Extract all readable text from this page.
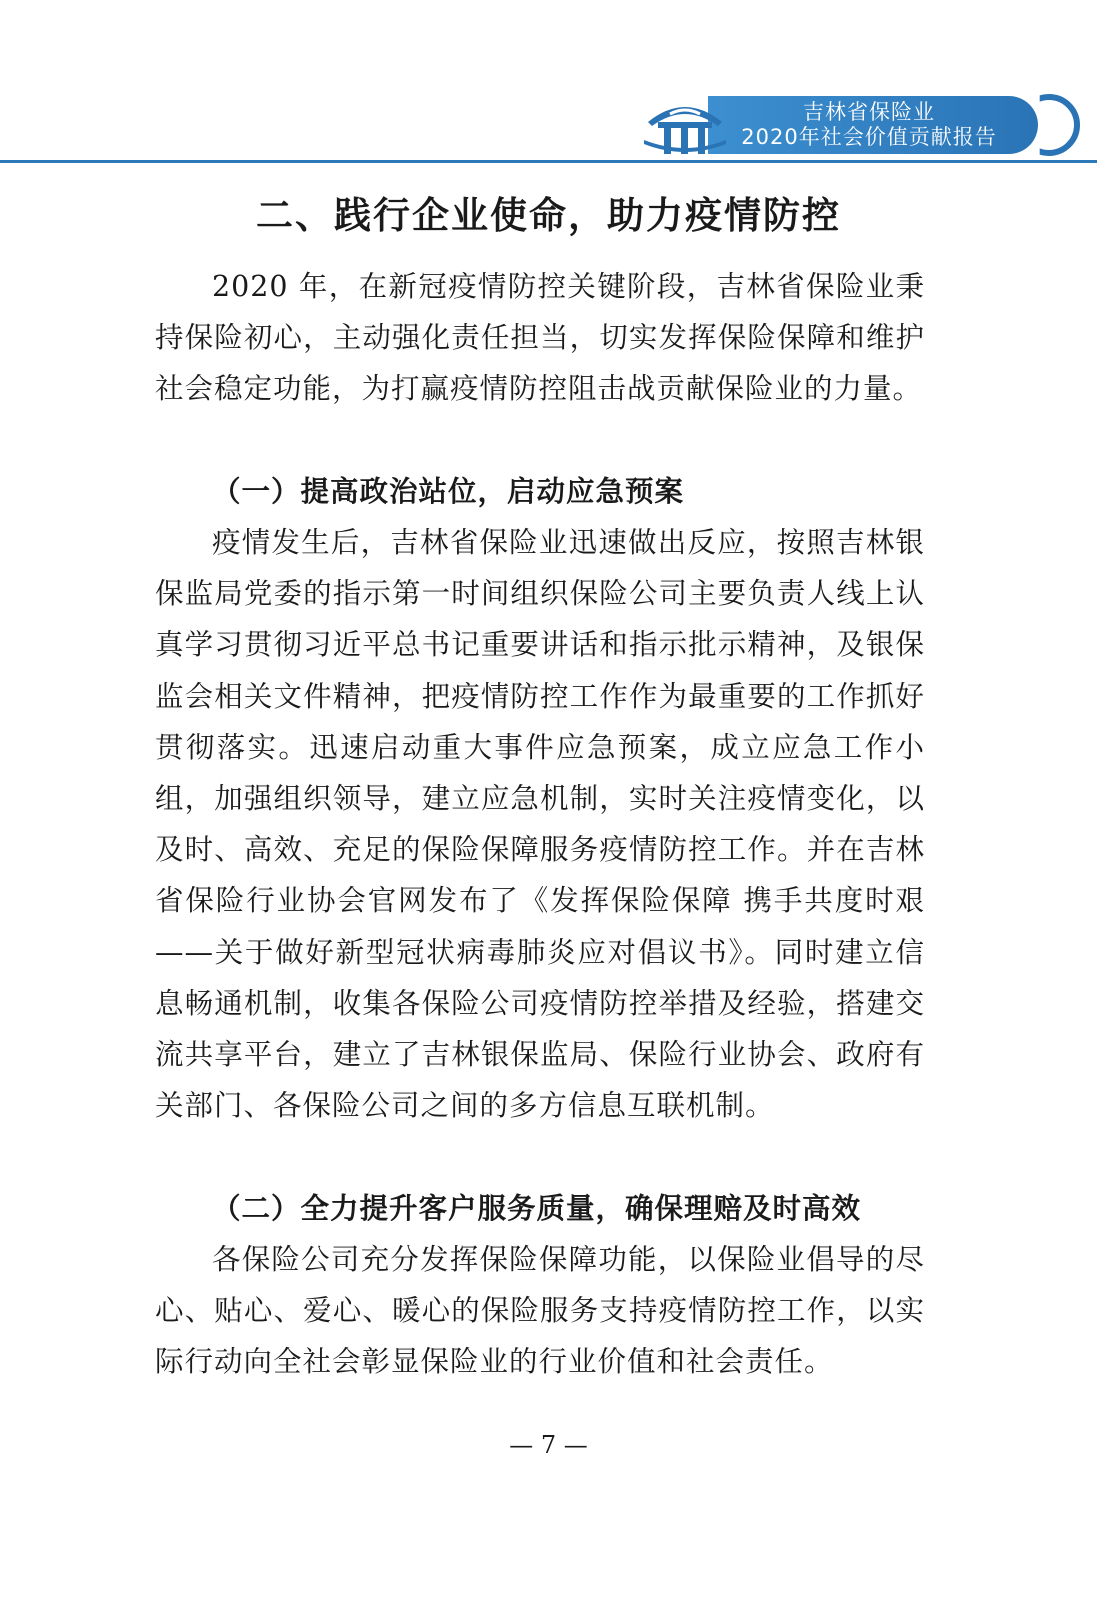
吉林省保险业
2020年社会价值贡献报告
二、践行企业使命，助力疫情防控

2020 年，在新冠疫情防控关键阶段，吉林省保险业秉持保险初心，主动强化责任担当，切实发挥保险保障和维护社会稳定功能，为打赢疫情防控阻击战贡献保险业的力量。

（一）提高政治站位，启动应急预案

疫情发生后，吉林省保险业迅速做出反应，按照吉林银保监局党委的指示第一时间组织保险公司主要负责人线上认真学习贯彻习近平总书记重要讲话和指示批示精神，及银保监会相关文件精神，把疫情防控工作作为最重要的工作抓好贯彻落实。迅速启动重大事件应急预案，成立应急工作小组，加强组织领导，建立应急机制，实时关注疫情变化，以及时、高效、充足的保险保障服务疫情防控工作。并在吉林省保险行业协会官网发布了《发挥保险保障 携手共度时艰——关于做好新型冠状病毒肺炎应对倡议书》。同时建立信息畅通机制，收集各保险公司疫情防控举措及经验，搭建交流共享平台，建立了吉林银保监局、保险行业协会、政府有关部门、各保险公司之间的多方信息互联机制。

（二）全力提升客户服务质量，确保理赔及时高效

各保险公司充分发挥保险保障功能，以保险业倡导的尽心、贴心、爱心、暖心的保险服务支持疫情防控工作，以实际行动向全社会彰显保险业的行业价值和社会责任。

— 7 —
